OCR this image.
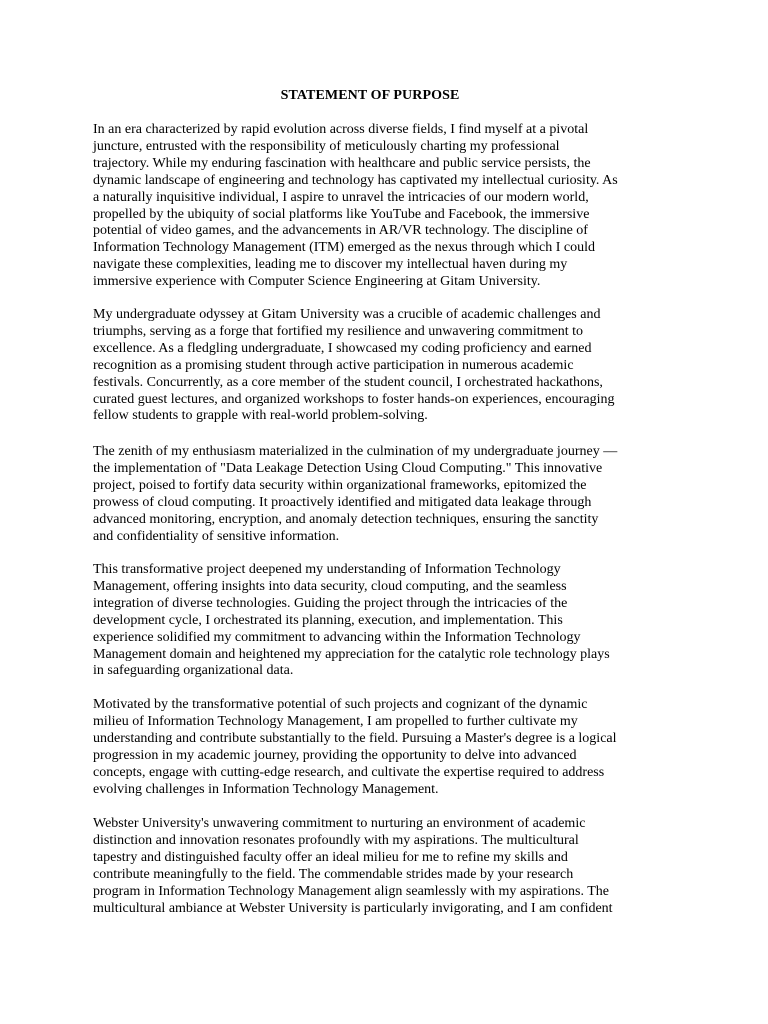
STATEMENT OF PURPOSE
In an era characterized by rapid evolution across diverse fields, I find myself at a pivotal
juncture, entrusted with the responsibility of meticulously charting my professional
trajectory. While my enduring fascination with healthcare and public service persists, the
dynamic landscape of engineering and technology has captivated my intellectual curiosity. As
a naturally inquisitive individual, I aspire to unravel the intricacies of our modern world,
propelled by the ubiquity of social platforms like YouTube and Facebook, the immersive
potential of video games, and the advancements in AR/VR technology. The discipline of
Information Technology Management (ITM) emerged as the nexus through which I could
navigate these complexities, leading me to discover my intellectual haven during my
immersive experience with Computer Science Engineering at Gitam University.
My undergraduate odyssey at Gitam University was a crucible of academic challenges and
triumphs, serving as a forge that fortified my resilience and unwavering commitment to
excellence. As a fledgling undergraduate, I showcased my coding proficiency and earned
recognition as a promising student through active participation in numerous academic
festivals. Concurrently, as a core member of the student council, I orchestrated hackathons,
curated guest lectures, and organized workshops to foster hands-on experiences, encouraging
fellow students to grapple with real-world problem-solving.
The zenith of my enthusiasm materialized in the culmination of my undergraduate journey —
the implementation of "Data Leakage Detection Using Cloud Computing." This innovative
project, poised to fortify data security within organizational frameworks, epitomized the
prowess of cloud computing. It proactively identified and mitigated data leakage through
advanced monitoring, encryption, and anomaly detection techniques, ensuring the sanctity
and confidentiality of sensitive information.
This transformative project deepened my understanding of Information Technology
Management, offering insights into data security, cloud computing, and the seamless
integration of diverse technologies. Guiding the project through the intricacies of the
development cycle, I orchestrated its planning, execution, and implementation. This
experience solidified my commitment to advancing within the Information Technology
Management domain and heightened my appreciation for the catalytic role technology plays
in safeguarding organizational data.
Motivated by the transformative potential of such projects and cognizant of the dynamic
milieu of Information Technology Management, I am propelled to further cultivate my
understanding and contribute substantially to the field. Pursuing a Master's degree is a logical
progression in my academic journey, providing the opportunity to delve into advanced
concepts, engage with cutting-edge research, and cultivate the expertise required to address
evolving challenges in Information Technology Management.
Webster University's unwavering commitment to nurturing an environment of academic
distinction and innovation resonates profoundly with my aspirations. The multicultural
tapestry and distinguished faculty offer an ideal milieu for me to refine my skills and
contribute meaningfully to the field. The commendable strides made by your research
program in Information Technology Management align seamlessly with my aspirations. The
multicultural ambiance at Webster University is particularly invigorating, and I am confident
